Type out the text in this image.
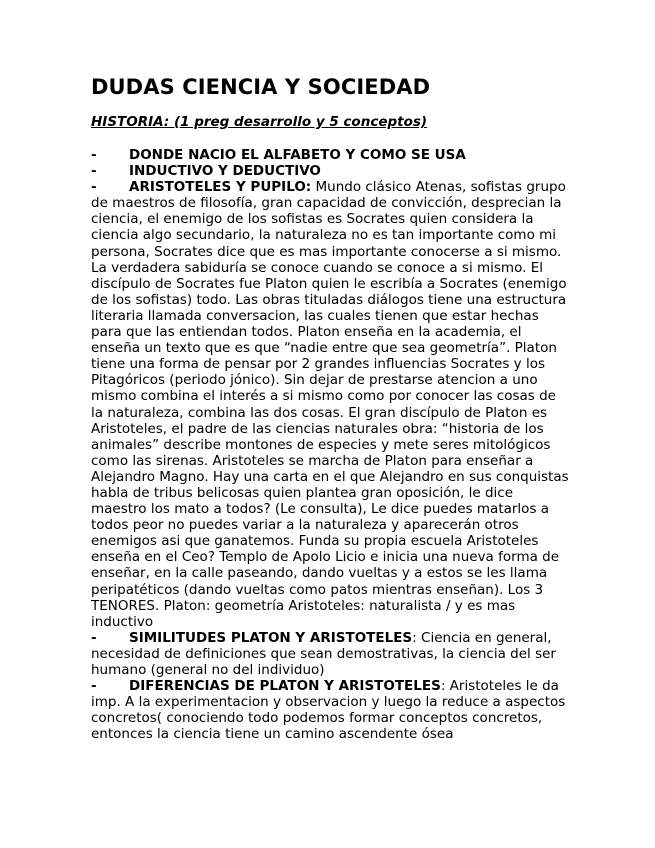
DUDAS CIENCIA Y SOCIEDAD
HISTORIA: (1 preg desarrollo y 5 conceptos)
- DONDE NACIO EL ALFABETO Y COMO SE USA
- INDUCTIVO Y DEDUCTIVO
- ARISTOTELES Y PUPILO: Mundo clásico Atenas, sofistas grupo de maestros de filosofía, gran capacidad de convicción, desprecian la ciencia, el enemigo de los sofistas es Socrates quien considera la ciencia algo secundario, la naturaleza no es tan importante como mi persona, Socrates dice que es mas importante conocerse a si mismo. La verdadera sabiduría se conoce cuando se conoce a si mismo. El discípulo de Socrates fue Platon quien le escribía a Socrates (enemigo de los sofistas) todo. Las obras tituladas diálogos tiene una estructura literaria llamada conversacion, las cuales tienen que estar hechas para que las entiendan todos. Platon enseña en la academia, el enseña un texto que es que “nadie entre que sea geometría”. Platon tiene una forma de pensar por 2 grandes influencias Socrates y los Pitagóricos (periodo jónico). Sin dejar de prestarse atencion a uno mismo combina el interés a si mismo como por conocer las cosas de la naturaleza, combina las dos cosas. El gran discípulo de Platon es Aristoteles, el padre de las ciencias naturales obra: “historia de los animales” describe montones de especies y mete seres mitológicos como las sirenas. Aristoteles se marcha de Platon para enseñar a Alejandro Magno. Hay una carta en el que Alejandro en sus conquistas habla de tribus belicosas quien plantea gran oposición, le dice maestro los mato a todos? (Le consulta), Le dice puedes matarlos a todos peor no puedes variar a la naturaleza y aparecerán otros enemigos asi que ganatemos. Funda su propia escuela Aristoteles enseña en el Ceo? Templo de Apolo Licio e inicia una nueva forma de enseñar, en la calle paseando, dando vueltas y a estos se les llama peripatéticos (dando vueltas como patos mientras enseñan). Los 3 TENORES. Platon: geometría Aristoteles: naturalista / y es mas inductivo
- SIMILITUDES PLATON Y ARISTOTELES: Ciencia en general, necesidad de definiciones que sean demostrativas, la ciencia del ser humano (general no del individuo)
- DIFERENCIAS DE PLATON Y ARISTOTELES: Aristoteles le da imp. A la experimentacion y observacion y luego la reduce a aspectos concretos( conociendo todo podemos formar conceptos concretos, entonces la ciencia tiene un camino ascendente ósea
